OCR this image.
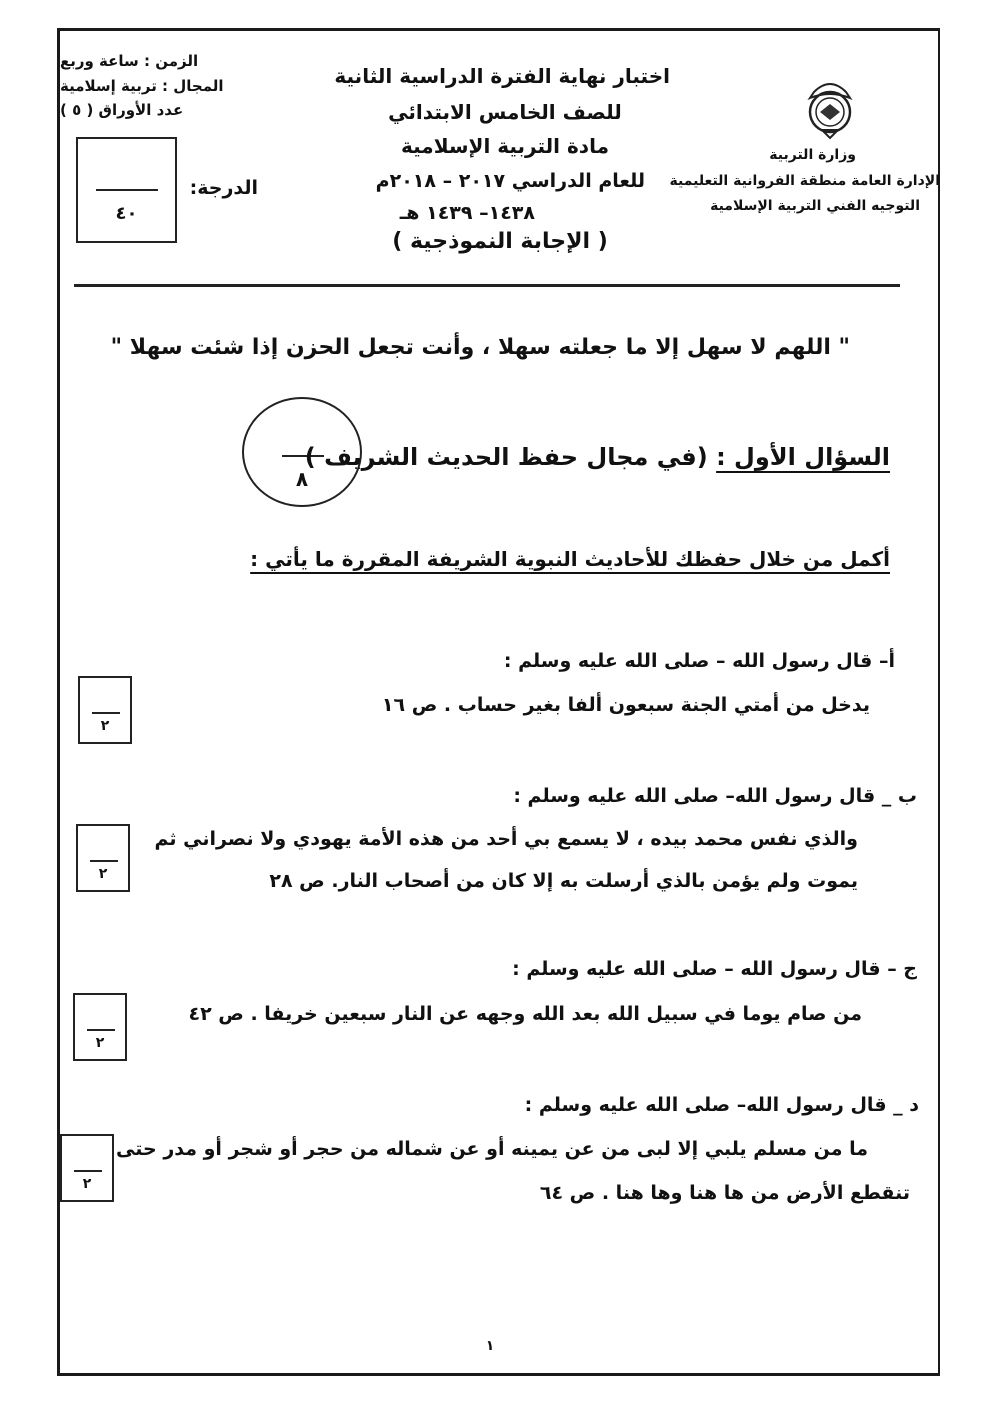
الزمن : ساعة وربع
المجال : تربية إسلامية
عدد الأوراق ( ٥ )
٤٠
الدرجة:
اختبار نهاية الفترة الدراسية الثانية
للصف الخامس الابتدائي
مادة التربية الإسلامية
للعام الدراسي ٢٠١٧ – ٢٠١٨م
١٤٣٨– ١٤٣٩ هـ
( الإجابة النموذجية )
وزارة التربية
الإدارة العامة منطقة الفروانية التعليمية
التوجيه الفني التربية الإسلامية
" اللهم لا سهل إلا ما جعلته سهلا ، وأنت تجعل الحزن إذا شئت سهلا "
٨
السؤال الأول : (في مجال حفظ الحديث الشريف )
أكمل من خلال حفظك للأحاديث النبوية الشريفة المقررة ما يأتي :
أ– قال رسول الله – صلى الله عليه وسلم :
يدخل من أمتي الجنة سبعون ألفا بغير حساب . ص ١٦
٢
ب _ قال رسول الله– صلى الله عليه وسلم :
والذي نفس محمد بيده ، لا يسمع بي أحد من هذه الأمة يهودي ولا نصراني ثم
يموت ولم يؤمن بالذي أرسلت به إلا كان من أصحاب النار. ص ٢٨
٢
ج – قال رسول الله – صلى الله عليه وسلم :
من صام يوما في سبيل الله بعد الله وجهه عن النار سبعين خريفا . ص ٤٢
٢
د _ قال رسول الله– صلى الله عليه وسلم :
ما من مسلم يلبي إلا لبى من عن يمينه أو عن شماله من حجر أو شجر أو مدر حتى
تنقطع الأرض من ها هنا وها هنا . ص ٦٤
٢
١
